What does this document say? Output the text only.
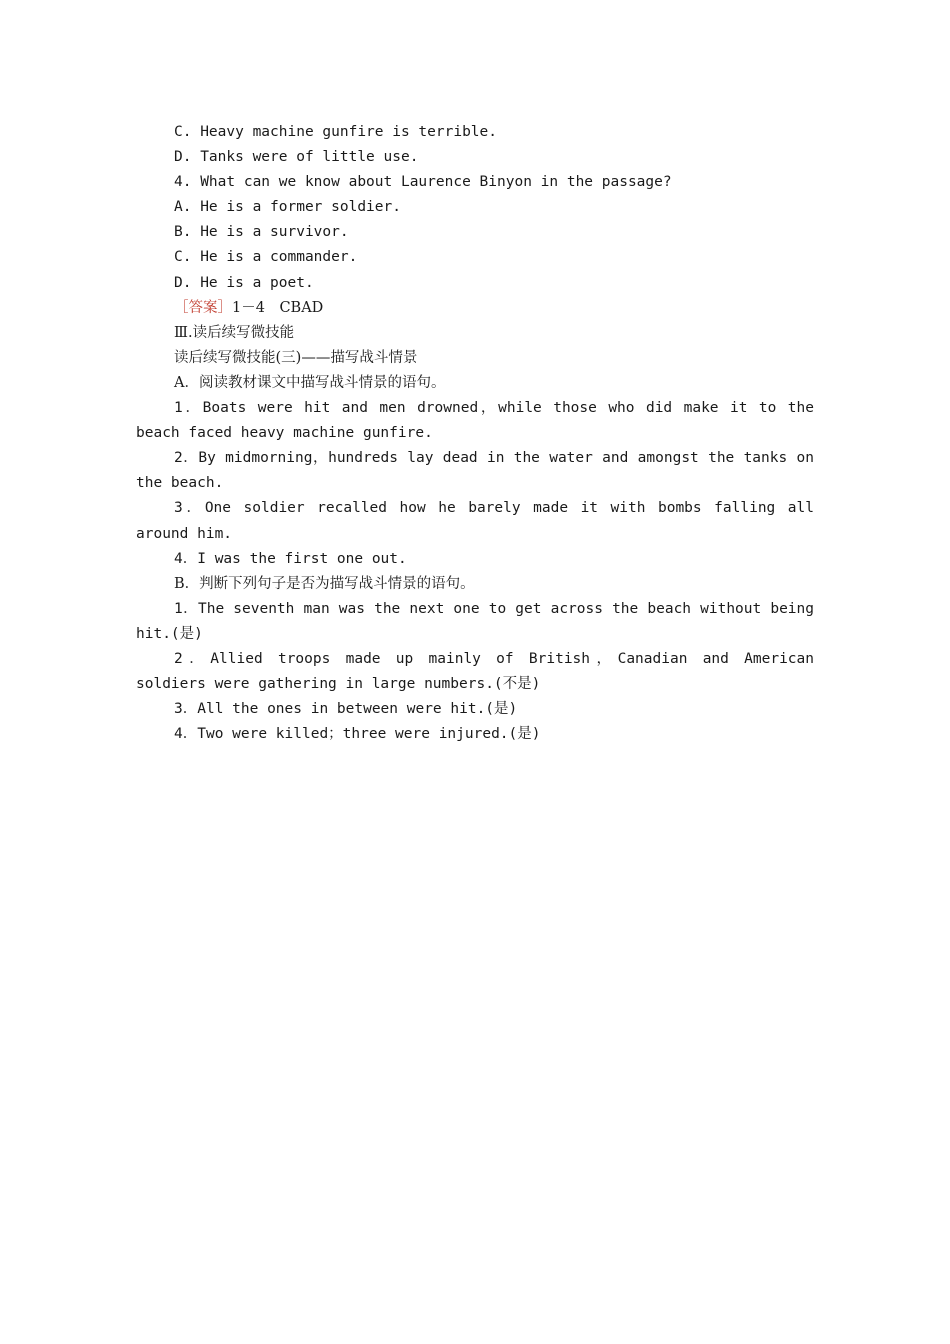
C. Heavy machine gunfire is terrible.
D. Tanks were of little use.
4. What can we know about Laurence Binyon in the passage?
A. He is a former soldier.
B. He is a survivor.
C. He is a commander.
D. He is a poet.
［答案］1－4　CBAD
Ⅲ.读后续写微技能
读后续写微技能(三)——描写战斗情景
A．阅读教材课文中描写战斗情景的语句。
1．Boats were hit and men drowned，while those who did make it to the beach faced heavy machine gunfire.
2．By midmorning，hundreds lay dead in the water and amongst the tanks on the beach.
3．One soldier recalled how he barely made it with bombs falling all around him.
4．I was the first one out.
B．判断下列句子是否为描写战斗情景的语句。
1．The seventh man was the next one to get across the beach without being hit.(是)
2．Allied troops made up mainly of British，Canadian and American soldiers were gathering in large numbers.(不是)
3．All the ones in between were hit.(是)
4．Two were killed；three were injured.(是)
